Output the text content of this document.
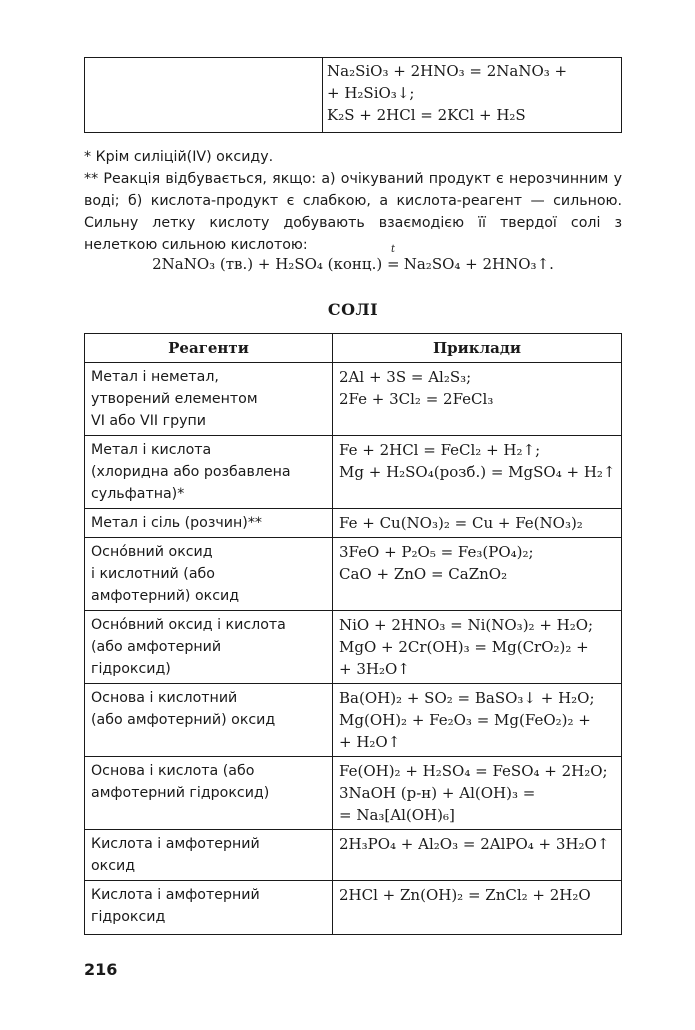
Na₂SiO₃ + 2HNO₃ = 2NaNO₃ +
+ H₂SiO₃↓;
K₂S + 2HCl = 2KCl + H₂S

* Крім силіцій(IV) оксиду.

** Реакція відбувається, якщо: а) очікуваний продукт є нерозчинним у воді; б) кислота-продукт є слабкою, а кислота-реагент — сильною. Сильну летку кислоту добувають взаємодією її твердої солі з нелеткою сильною кислотою:

2NaNO₃ (тв.) + H₂SO₄ (конц.)
t
= Na₂SO₄ + 2HNO₃↑.
СОЛІ
Реагенти	Приклади

Метал і неметал,
утворений елементом
VI або VII групи	2Al + 3S = Al₂S₃;
2Fe + 3Cl₂ = 2FeCl₃

Метал і кислота
(хлоридна або розбавлена
сульфатна)*	Fe + 2HCl = FeCl₂ + H₂↑;
Mg + H₂SO₄(розб.) = MgSO₄ + H₂↑

Метал і сіль (розчин)**	Fe + Cu(NO₃)₂ = Cu + Fe(NO₃)₂

Оснóвний оксид
і кислотний (або
амфотерний) оксид	3FeO + P₂O₅ = Fe₃(PO₄)₂;
CaO + ZnO = CaZnO₂

Оснóвний оксид і кислота
(або амфотерний
гідроксид)	NiO + 2HNO₃ = Ni(NO₃)₂ + H₂O;
MgO + 2Cr(OH)₃ = Mg(CrO₂)₂ +
+ 3H₂O↑

Основа і кислотний
(або амфотерний) оксид	Ba(OH)₂ + SO₂ = BaSO₃↓ + H₂O;
Mg(OH)₂ + Fe₂O₃ = Mg(FeO₂)₂ +
+ H₂O↑

Основа і кислота (або
амфотерний гідроксид)	Fe(OH)₂ + H₂SO₄ = FeSO₄ + 2H₂O;
3NaOH (р-н) + Al(OH)₃ =
= Na₃[Al(OH)₆]

Кислота і амфотерний
оксид	2H₃PO₄ + Al₂O₃ = 2AlPO₄ + 3H₂O↑

Кислота і амфотерний
гідроксид	2HCl + Zn(OH)₂ = ZnCl₂ + 2H₂O
216
